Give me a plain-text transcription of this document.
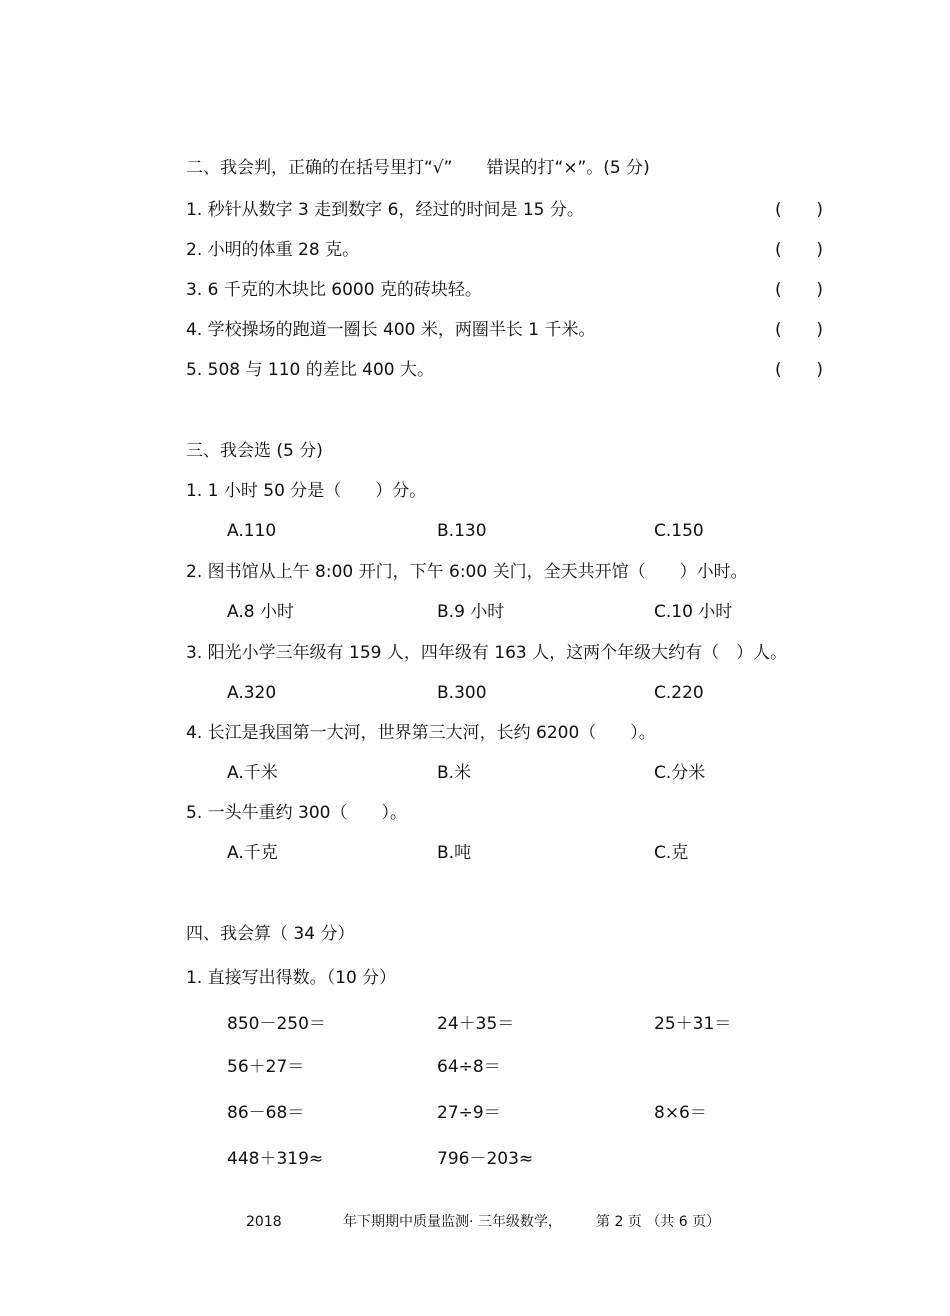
二、我会判，正确的在括号里打“√”　　错误的打“×”。(5 分)
1. 秒针从数字 3 走到数字 6，经过的时间是 15 分。	( )
2. 小明的体重 28 克。	( )
3. 6 千克的木块比 6000 克的砖块轻。	( )
4. 学校操场的跑道一圈长 400 米，两圈半长 1 千米。	( )
5. 508 与 110 的差比 400 大。	( )
三、我会选 (5 分)
1. 1 小时 50 分是（　　）分。
A.110	B.130	C.150
2. 图书馆从上午 8:00 开门，下午 6:00 关门，全天共开馆（　　）小时。
A.8 小时	B.9 小时	C.10 小时
3. 阳光小学三年级有 159 人，四年级有 163 人，这两个年级大约有（　）人。
A.320	B.300	C.220
4. 长江是我国第一大河，世界第三大河，长约 6200（　　）。
A.千米	B.米	C.分米
5. 一头牛重约 300（　　）。
A.千克	B.吨	C.克
四、我会算（ 34 分）
1. 直接写出得数。（10 分）
850－250＝	24＋35＝	25＋31＝
56＋27＝	64÷8＝
86－68＝	27÷9＝	8×6＝
448＋319≈	796－203≈
2018	年下期期中质量监测· 三年级数学， 第 2 页 （共 6 页）
